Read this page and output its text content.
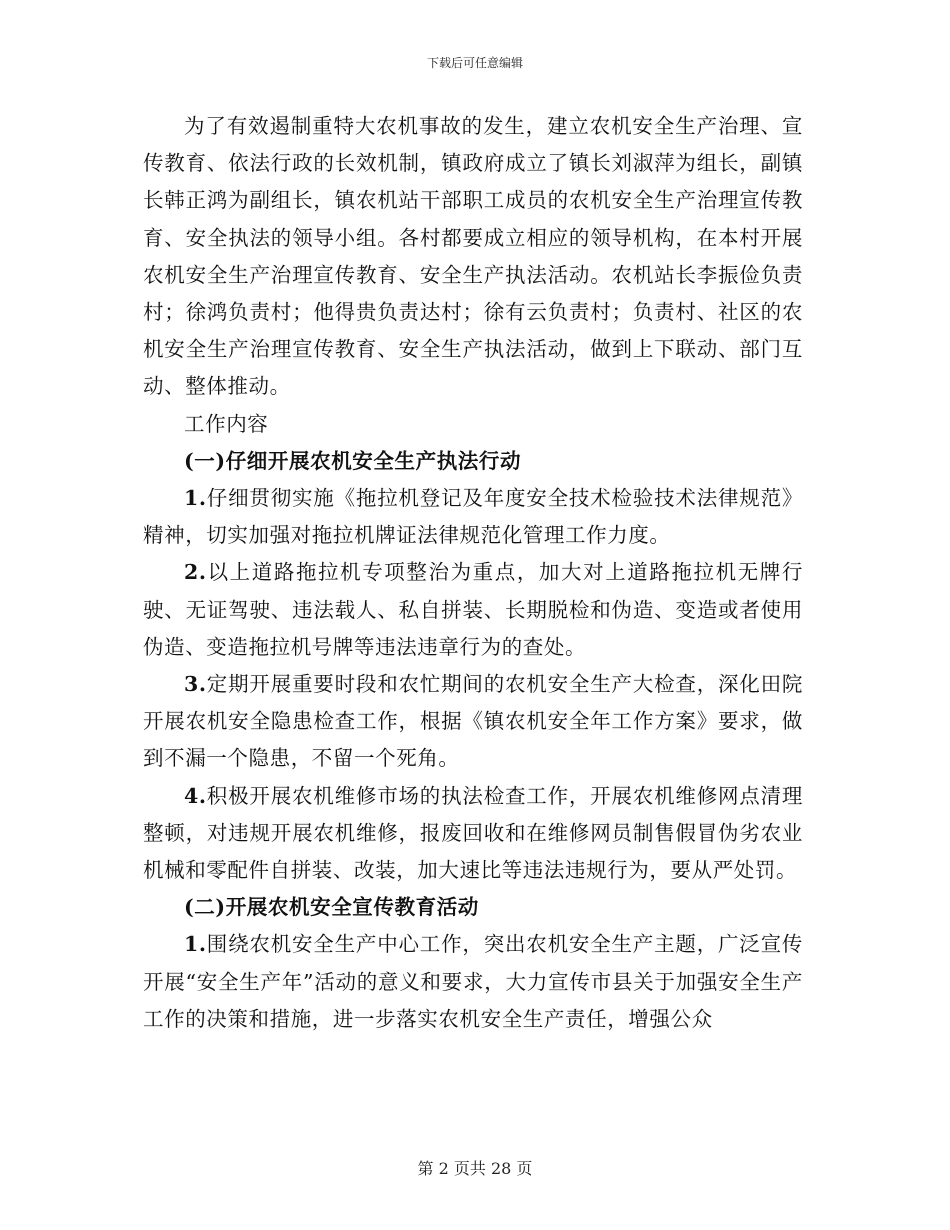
下载后可任意编辑

为了有效遏制重特大农机事故的发生，建立农机安全生产治理、宣传教育、依法行政的长效机制，镇政府成立了镇长刘淑萍为组长，副镇长韩正鸿为副组长，镇农机站干部职工成员的农机安全生产治理宣传教育、安全执法的领导小组。各村都要成立相应的领导机构，在本村开展农机安全生产治理宣传教育、安全生产执法活动。农机站长李振俭负责村；徐鸿负责村；他得贵负责达村；徐有云负责村；负责村、社区的农机安全生产治理宣传教育、安全生产执法活动，做到上下联动、部门互动、整体推动。

工作内容

(一)仔细开展农机安全生产执法行动

1.仔细贯彻实施《拖拉机登记及年度安全技术检验技术法律规范》精神，切实加强对拖拉机牌证法律规范化管理工作力度。

2.以上道路拖拉机专项整治为重点，加大对上道路拖拉机无牌行驶、无证驾驶、违法载人、私自拼装、长期脱检和伪造、变造或者使用伪造、变造拖拉机号牌等违法违章行为的查处。

3.定期开展重要时段和农忙期间的农机安全生产大检查，深化田院开展农机安全隐患检查工作，根据《镇农机安全年工作方案》要求，做到不漏一个隐患，不留一个死角。

4.积极开展农机维修市场的执法检查工作，开展农机维修网点清理整顿，对违规开展农机维修，报废回收和在维修网员制售假冒伪劣农业机械和零配件自拼装、改装，加大速比等违法违规行为，要从严处罚。

(二)开展农机安全宣传教育活动

1.围绕农机安全生产中心工作，突出农机安全生产主题，广泛宣传开展“安全生产年”活动的意义和要求，大力宣传市县关于加强安全生产工作的决策和措施，进一步落实农机安全生产责任，增强公众

第 2 页共 28 页
